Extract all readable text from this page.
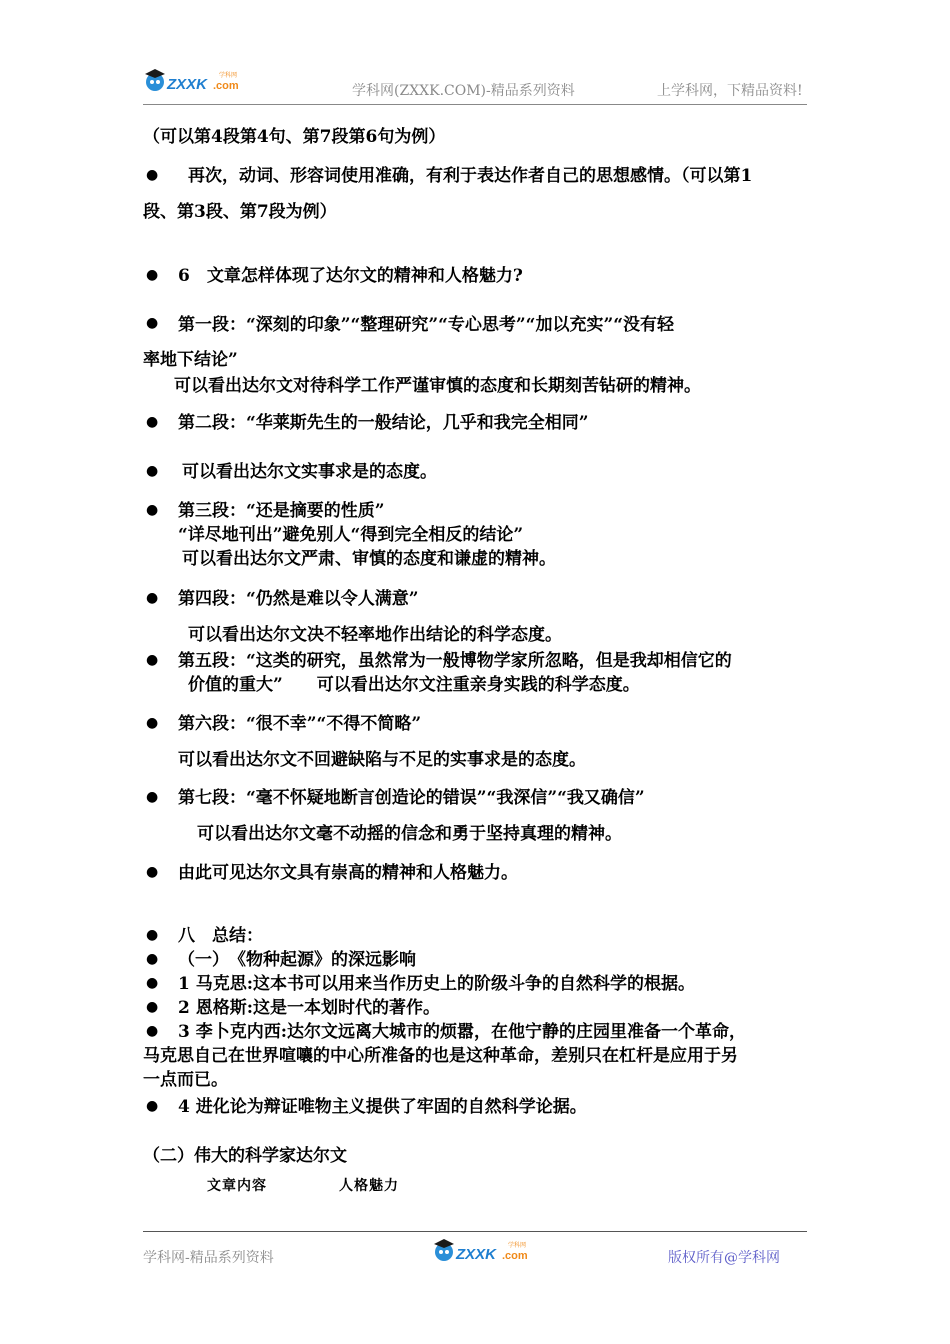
ZXXK .com
学科网
学科网(ZXXK.COM)-精品系列资料	上学科网，下精品资料!
（可以第4段第4句、第7段第6句为例）
● 再次，动词、形容词使用准确，有利于表达作者自己的思想感情。（可以第1
段、第3段、第7段为例）
● 6　文章怎样体现了达尔文的精神和人格魅力?
● 第一段：“深刻的印象”“整理研究”“专心思考”“加以充实”“没有轻
率地下结论”
可以看出达尔文对待科学工作严谨审慎的态度和长期刻苦钻研的精神。
● 第二段：“华莱斯先生的一般结论，几乎和我完全相同”
● 可以看出达尔文实事求是的态度。
● 第三段：“还是摘要的性质”
“详尽地刊出”避免别人“得到完全相反的结论”
可以看出达尔文严肃、审慎的态度和谦虚的精神。
● 第四段：“仍然是难以令人满意”
可以看出达尔文决不轻率地作出结论的科学态度。
● 第五段：“这类的研究，虽然常为一般博物学家所忽略，但是我却相信它的
价值的重大”　　可以看出达尔文注重亲身实践的科学态度。
● 第六段：“很不幸”“不得不简略”
可以看出达尔文不回避缺陷与不足的实事求是的态度。
● 第七段：“毫不怀疑地断言创造论的错误”“我深信”“我又确信”
可以看出达尔文毫不动摇的信念和勇于坚持真理的精神。
● 由此可见达尔文具有崇高的精神和人格魅力。
● 八　总结：
● （一）　《物种起源》的深远影响
● 1 马克思:这本书可以用来当作历史上的阶级斗争的自然科学的根据。
● 2 恩格斯:这是一本划时代的著作。
● 3 李卜克内西:达尔文远离大城市的烦嚣，在他宁静的庄园里准备一个革命，
马克思自己在世界喧嚷的中心所准备的也是这种革命，差别只在杠杆是应用于另
一点而已。
● 4 进化论为辩证唯物主义提供了牢固的自然科学论据。
（二）伟大的科学家达尔文
文章内容	人格魅力
学科网-精品系列资料	ZXXK .com
学科网
版权所有@学科网
